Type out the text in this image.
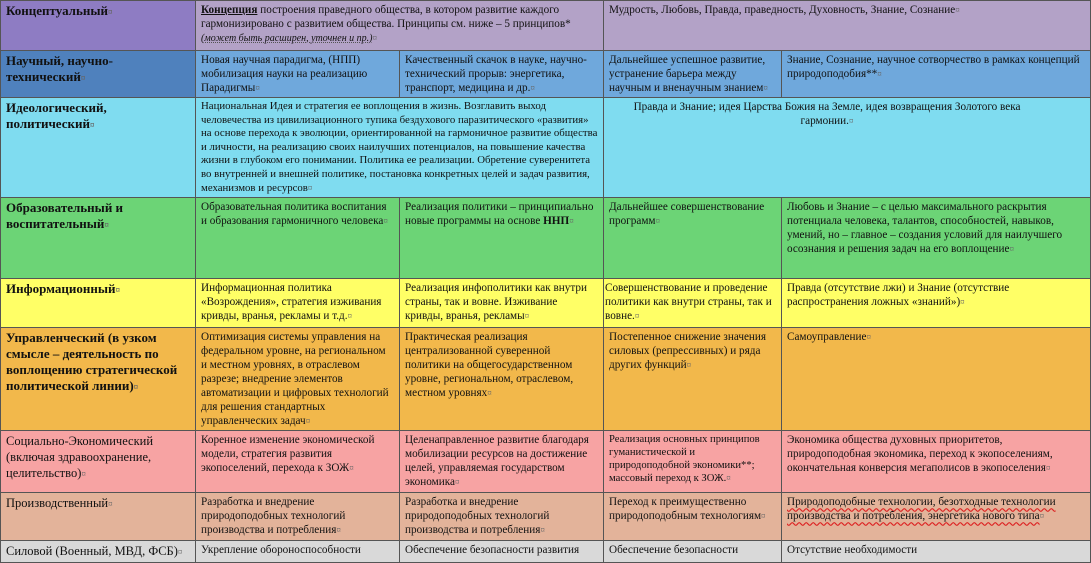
Концептуальный¤	Концепция построения праведного общества, в котором развитие каждого гармонизировано с развитием общества. Принципы см. ниже – 5 принципов*
(может быть расширен, уточнен и пр.)¤		Мудрость, Любовь, Правда, праведность, Духовность, Знание, Сознание¤	
Научный, научно-технический¤	Новая научная парадигма, (НПП) мобилизация науки на реализацию Парадигмы¤	Качественный скачок в науке, научно-технический прорыв: энергетика, транспорт, медицина и др.¤	Дальнейшее успешное развитие, устранение барьера между научным и вненаучным знанием¤	Знание, Сознание, научное сотворчество в рамках концепций природоподобия**¤
Идеологический, политический¤	Национальная Идея и стратегия ее воплощения в жизнь. Возглавить выход человечества из цивилизационного тупика бездухового паразитического «развития» на основе перехода к эволюции, ориентированной на гармоничное развитие общества и личности, на реализацию своих наилучших потенциалов, на повышение качества жизни в глубоком его понимании. Политика ее реализации. Обретение суверенитета во внутренней и внешней политике, постановка конкретных целей и задач развития, механизмов и ресурсов¤		Правда и Знание; идея Царства Божия на Земле, идея возвращения Золотого века гармонии.¤	
Образовательный и воспитательный¤	Образовательная политика воспитания и образования гармоничного человека¤	Реализация политики – принципиально новые программы на основе ННП¤	Дальнейшее совершенствование программ¤	Любовь и Знание – с целью максимального раскрытия потенциала человека, талантов, способностей, навыков, умений, но – главное – создания условий для наилучшего осознания и решения задач на его воплощение¤
Информационный¤	Информационная политика «Возрождения», стратегия изживания кривды, вранья, рекламы и т.д.¤	Реализация инфополитики как внутри страны, так и вовне. Изживание кривды, вранья, рекламы¤	Совершенствование и проведение политики как внутри страны, так и вовне.¤	Правда (отсутствие лжи) и Знание (отсутствие распространения ложных «знаний»)¤
Управленческий (в узком смысле – деятельность по воплощению стратегической политической линии)¤	Оптимизация системы управления на федеральном уровне, на региональном и местном уровнях, в отраслевом разрезе; внедрение элементов автоматизации и цифровых технологий для решения стандартных управленческих задач¤	Практическая реализация централизованной суверенной политики на общегосударственном уровне, региональном, отраслевом, местном уровнях¤	Постепенное снижение значения силовых (репрессивных) и ряда других функций¤	Самоуправление¤
Социально-Экономический (включая здравоохранение, целительство)¤	Коренное изменение экономической модели, стратегия развития экопоселений, перехода к ЗОЖ¤	Целенаправленное развитие благодаря мобилизации ресурсов на достижение целей, управляемая государством экономика¤	Реализация основных принципов гуманистической и природоподобной экономики**; массовый переход к ЗОЖ.¤	Экономика общества духовных приоритетов, природоподобная экономика, переход к экопоселениям, окончательная конверсия мегаполисов в экопоселения¤
Производственный¤	Разработка и внедрение природоподобных технологий производства и потребления¤	Разработка и внедрение природоподобных технологий производства и потребления¤	Переход к преимущественно природоподобным технологиям¤	Природоподобные технологии, безотходные технологии производства и потребления, энергетика нового типа¤
Силовой (Военный, МВД, ФСБ)¤	Укрепление обороноспособности	Обеспечение безопасности развития	Обеспечение безопасности	Отсутствие необходимости
